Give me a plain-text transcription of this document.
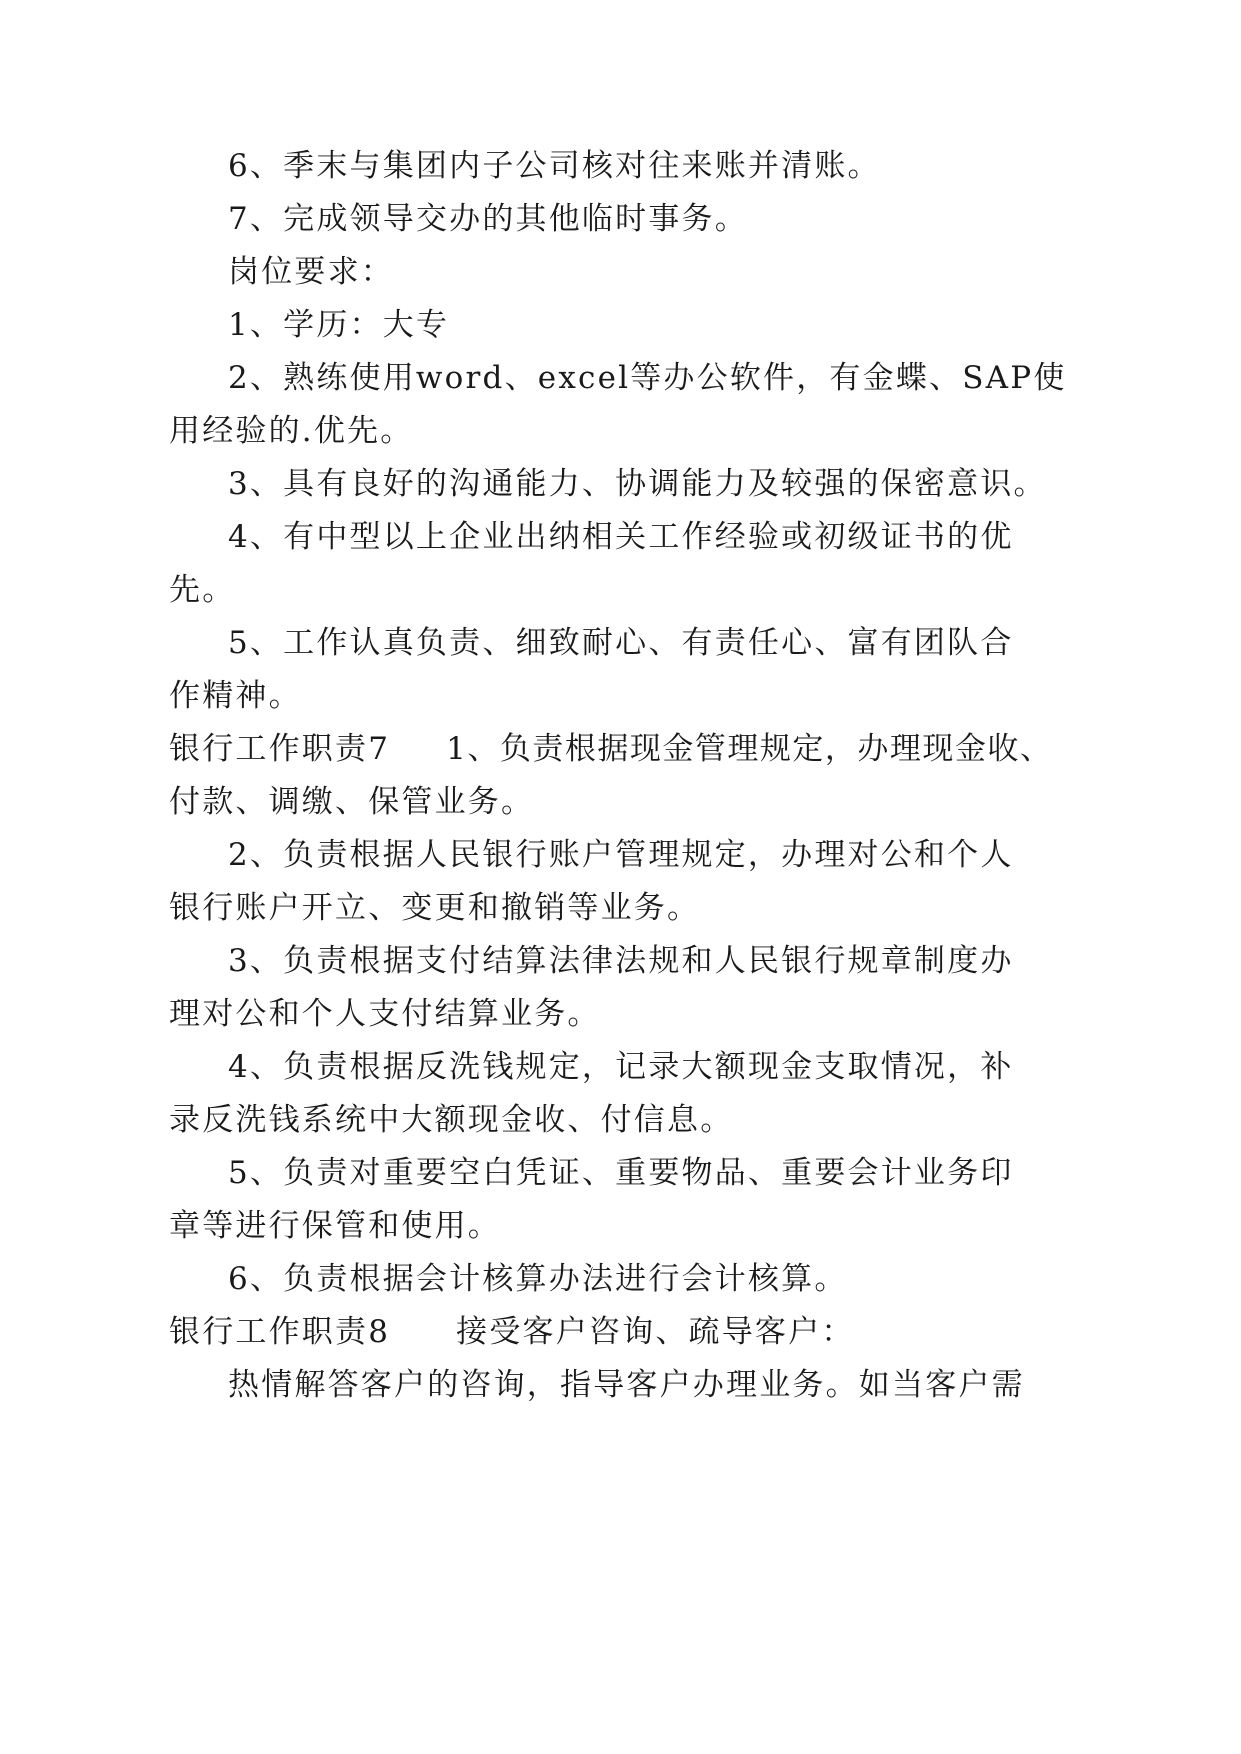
6、季末与集团内子公司核对往来账并清账。
7、完成领导交办的其他临时事务。
岗位要求：
1、学历：大专
2、熟练使用word、excel等办公软件，有金蝶、SAP使
用经验的.优先。
3、具有良好的沟通能力、协调能力及较强的保密意识。
4、有中型以上企业出纳相关工作经验或初级证书的优
先。
5、工作认真负责、细致耐心、有责任心、富有团队合
作精神。
银行工作职责7 1、负责根据现金管理规定，办理现金收、
付款、调缴、保管业务。
2、负责根据人民银行账户管理规定，办理对公和个人
银行账户开立、变更和撤销等业务。
3、负责根据支付结算法律法规和人民银行规章制度办
理对公和个人支付结算业务。
4、负责根据反洗钱规定，记录大额现金支取情况，补
录反洗钱系统中大额现金收、付信息。
5、负责对重要空白凭证、重要物品、重要会计业务印
章等进行保管和使用。
6、负责根据会计核算办法进行会计核算。
银行工作职责8 接受客户咨询、疏导客户：
热情解答客户的咨询，指导客户办理业务。如当客户需
